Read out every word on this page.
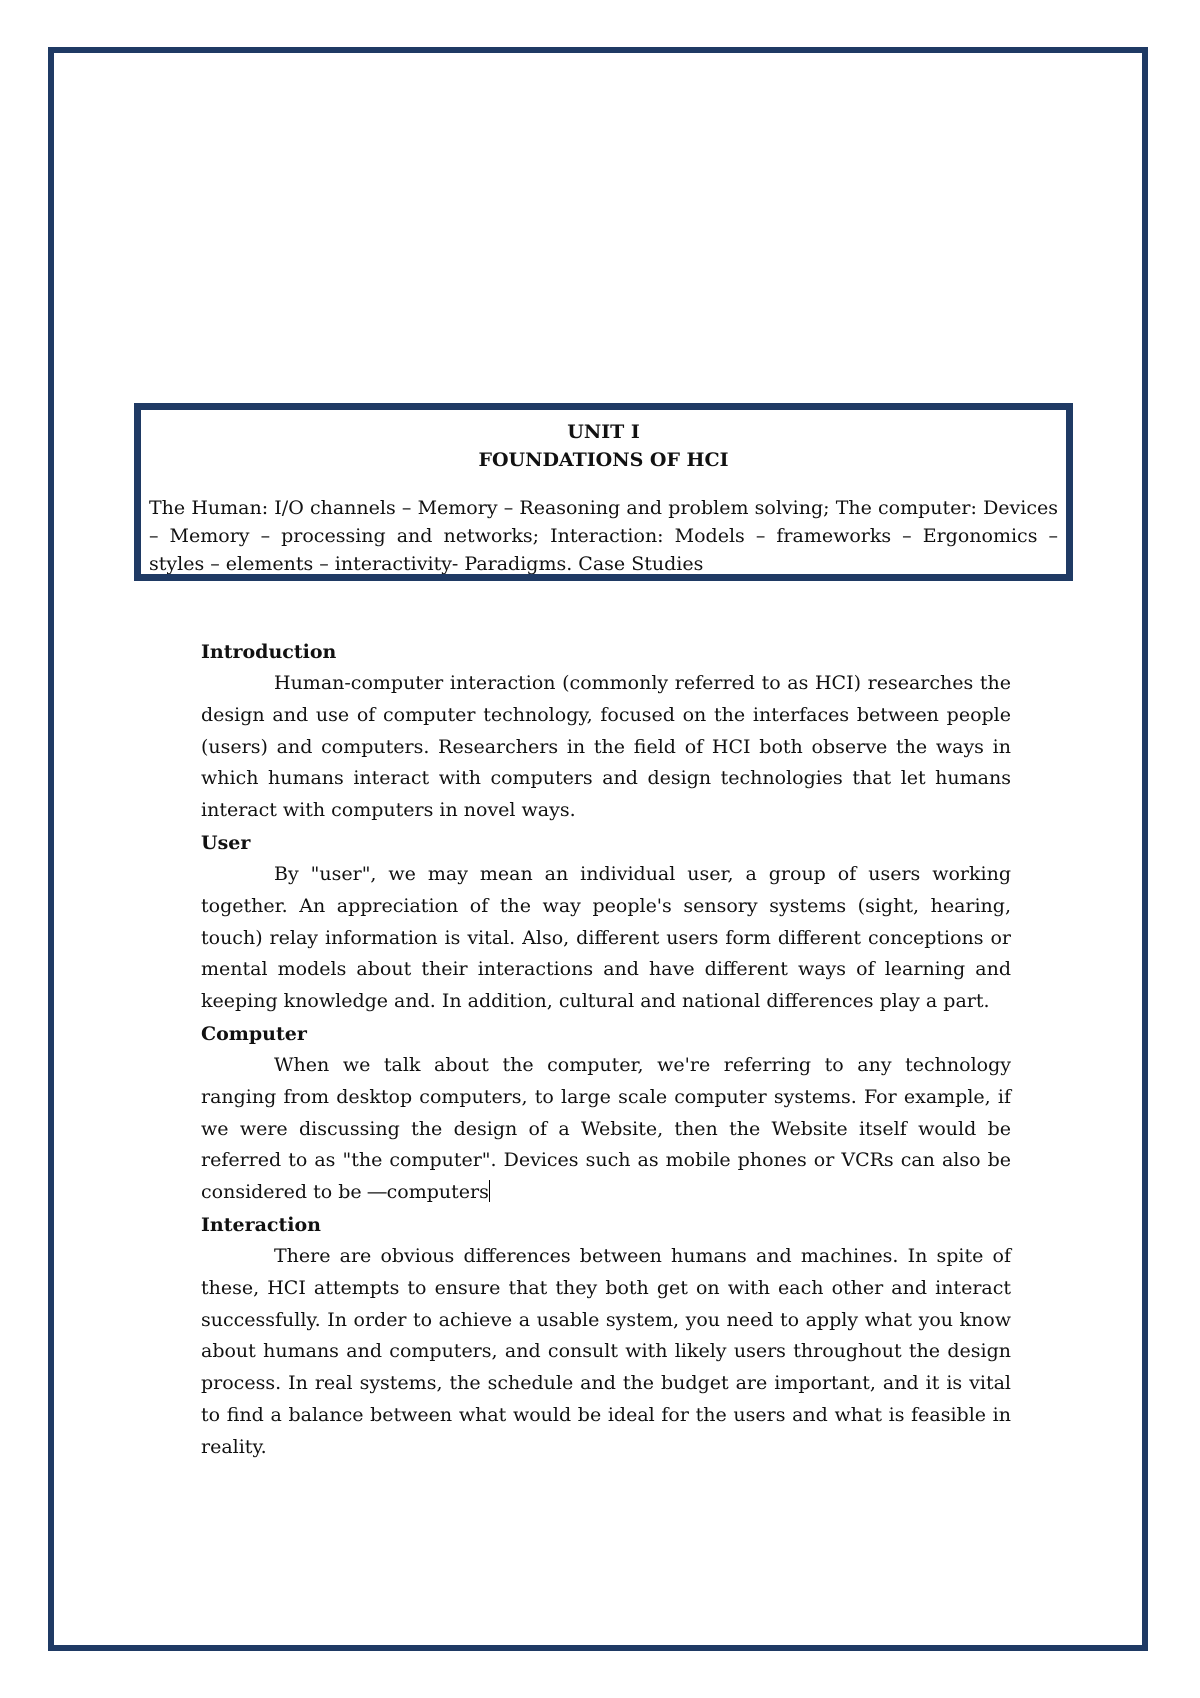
UNIT I
FOUNDATIONS OF HCI
The Human: I/O channels – Memory – Reasoning and problem solving; The computer: Devices – Memory – processing and networks; Interaction: Models – frameworks – Ergonomics – styles – elements – interactivity- Paradigms. Case Studies

Introduction

Human-computer interaction (commonly referred to as HCI) researches the design and use of computer technology, focused on the interfaces between people (users) and computers. Researchers in the field of HCI both observe the ways in which humans interact with computers and design technologies that let humans interact with computers in novel ways.

User

By "user", we may mean an individual user, a group of users working together. An appreciation of the way people's sensory systems (sight, hearing, touch) relay information is vital. Also, different users form different conceptions or mental models about their interactions and have different ways of learning and keeping knowledge and. In addition, cultural and national differences play a part.

Computer

When we talk about the computer, we're referring to any technology ranging from desktop computers, to large scale computer systems. For example, if we were discussing the design of a Website, then the Website itself would be referred to as "the computer". Devices such as mobile phones or VCRs can also be considered to be ―computers

Interaction

There are obvious differences between humans and machines. In spite of these, HCI attempts to ensure that they both get on with each other and interact successfully. In order to achieve a usable system, you need to apply what you know about humans and computers, and consult with likely users throughout the design process. In real systems, the schedule and the budget are important, and it is vital to find a balance between what would be ideal for the users and what is feasible in reality.
